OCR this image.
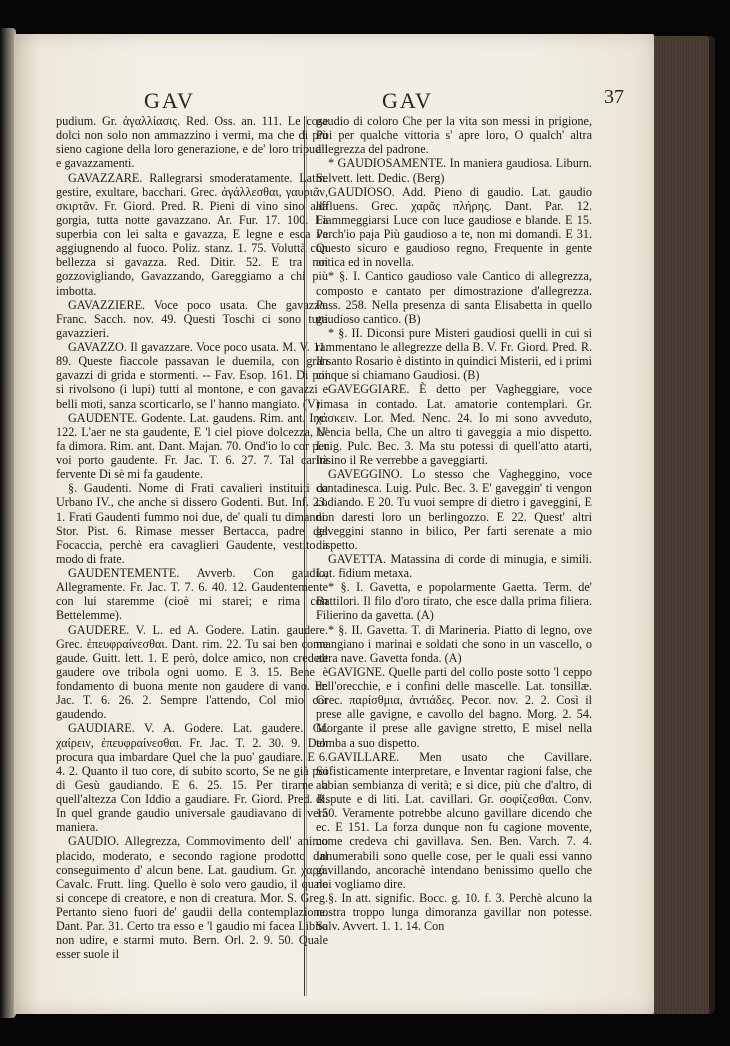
GAV	GAV	37

pudium. Gr. ἀγαλλίασις. Red. Oss. an. 111. Le cose dolci non solo non ammazzino i vermi, ma che di più sieno cagione della loro generazione, e de' loro tripudii e gavazzamenti.

GAVAZZARE. Rallegrarsi smoderatamente. Latin. gestire, exultare, bacchari. Grec. ἀγάλλεσθαι, γαυριᾶν, σκιρτᾶν. Fr. Giord. Pred. R. Pieni di vino sino alla gorgia, tutta notte gavazzano. Ar. Fur. 17. 100. La superbia con lei salta e gavazza, E legne e esca va aggiugnendo al fuoco. Poliz. stanz. 1. 75. Voluttà con bellezza si gavazza. Red. Ditir. 52. E tra noi gozzovigliando, Gavazzando, Gareggiamo a chi più imbotta.

GAVAZZIERE. Voce poco usata. Che gavazza. Franc. Sacch. nov. 49. Questi Toschi ci sono tutti gavazzieri.

GAVAZZO. Il gavazzare. Voce poco usata. M. V. 11. 89. Queste fiaccole passavan le duemila, con gran gavazzi di grida e stormenti. -- Fav. Esop. 161. Di poi si rivolsono (i lupi) tutti al montone, e con gavazzi e belli moti, sanza scorticarlo, se l' hanno mangiato. (V)

GAUDENTE. Godente. Lat. gaudens. Rim. ant. Inc. 122. L'aer ne sta gaudente, E 'l ciel piove dolcezza, U' fa dimora. Rim. ant. Dant. Majan. 70. Ond'io lo cor per voi porto gaudente. Fr. Jac. T. 6. 27. 7. Tal carità fervente Di sè mi fa gaudente.

§. Gaudenti. Nome di Frati cavalieri instituiti da Urbano IV., che anche si dissero Godenti. But. Inf. 23. 1. Frati Gaudenti fummo noi due, de' quali tu dimandi. Stor. Pist. 6. Rimase messer Bertacca, padre del Focaccia, perchè era cavaglieri Gaudente, vestito a modo di frate.

GAUDENTEMENTE. Avverb. Con gaudio, Allegramente. Fr. Jac. T. 7. 6. 40. 12. Gaudentemente con lui staremme (cioè mi starei; e rima con Bettelemme).

GAUDERE. V. L. ed A. Godere. Latin. gaudere. Grec. ἐπευφραίνεσθαι. Dant. rim. 22. Tu sai ben come gaude. Guitt. lett. 1. E però, dolce amico, non credete gaudere ove tribola ogni uomo. E 3. 15. Bene è fondamento di buona mente non gaudere di vano. Fr. Jac. T. 6. 26. 2. Sempre l'attendo, Col mio cor gaudendo.

GAUDIARE. V. A. Godere. Lat. gaudere. Gr. χαίρειν, ἐπευφραίνεσθαι. Fr. Jac. T. 2. 30. 9. Deh procura qua imbardare Quel che la puo' gaudiare. E 6. 4. 2. Quanto il tuo core, di subito scorto, Se ne già poi di Gesù gaudiando. E 6. 25. 15. Per tirarne a quell'altezza Con Iddio a gaudiare. Fr. Giord. Pred. R. In quel grande gaudio universale gaudiavano di vera maniera.

GAUDIO. Allegrezza, Commovimento dell' animo placido, moderato, e secondo ragione prodotto dal conseguimento d' alcun bene. Lat. gaudium. Gr. χαρά. Cavalc. Frutt. ling. Quello è solo vero gaudio, il quale si concepe di creatore, e non di creatura. Mor. S. Greg. Pertanto sieno fuori de' gaudii della contemplazione. Dant. Par. 31. Certo tra esso e 'l gaudio mi facea Libito non udire, e starmi muto. Bern. Orl. 2. 9. 50. Quale esser suole il

gaudio di coloro Che per la vita son messi in prigione, Poi per qualche vittoria s' apre loro, O qualch' altra allegrezza del padrone.

* GAUDIOSAMENTE. In maniera gaudiosa. Liburn. Selvett. lett. Dedic. (Berg)

GAUDIOSO. Add. Pieno di gaudio. Lat. gaudio affluens. Grec. χαρᾶς πλήρης. Dant. Par. 12. Fiammeggiarsi Luce con luce gaudiose e blande. E 15. Perch'io paja Più gaudioso a te, non mi domandi. E 31. Questo sicuro e gaudioso regno, Frequente in gente antica ed in novella.

* §. I. Cantico gaudioso vale Cantico di allegrezza, composto e cantato per dimostrazione d'allegrezza. Pass. 258. Nella presenza di santa Elisabetta in quello gaudioso cantico. (B)

* §. II. Diconsi pure Misteri gaudiosi quelli in cui si rammentano le allegrezze della B. V. Fr. Giord. Pred. R. Il santo Rosario è distinto in quindici Misterii, ed i primi cinque si chiamano Gaudiosi. (B)

GAVEGGIARE. È detto per Vagheggiare, voce rimasa in contado. Lat. amatorie contemplari. Gr. χάσκειν. Lor. Med. Nenc. 24. Io mi sono avveduto, Nencia bella, Che un altro ti gaveggia a mio dispetto. Luig. Pulc. Bec. 3. Ma stu potessi di quell'atto atarti, Insino il Re verrebbe a gaveggiarti.

GAVEGGINO. Lo stesso che Vagheggino, voce contadinesca. Luig. Pulc. Bec. 3. E' gaveggin' ti vengon codiando. E 20. Tu vuoi sempre di dietro i gaveggini, E non daresti loro un berlingozzo. E 22. Quest' altri gaveggini stanno in bilico, Per farti serenate a mio dispetto.

GAVETTA. Matassina di corde di minugia, e simili. Lat. fidium metaxa.

* §. I. Gavetta, e popolarmente Gaetta. Term. de' Battilori. Il filo d'oro tirato, che esce dalla prima filiera. Filierino da gavetta. (A)

* §. II. Gavetta. T. di Marineria. Piatto di legno, ove mangiano i marinai e soldati che sono in un vascello, o altra nave. Gavetta fonda. (A)

GAVIGNE. Quelle parti del collo poste sotto 'l ceppo dell'orecchie, e i confini delle mascelle. Lat. tonsillæ. Grec. παρίσθμια, ἀντιάδες. Pecor. nov. 2. 2. Così il prese alle gavigne, e cavollo del bagno. Morg. 2. 54. Morgante il prese alle gavigne stretto, E misel nella tomba a suo dispetto.

GAVILLARE. Men usato che Cavillare. Sofisticamente interpretare, e Inventar ragioni false, che abbian sembianza di verità; e si dice, più che d'altro, di dispute e di liti. Lat. cavillari. Gr. σοφίζεσθαι. Conv. 150. Veramente potrebbe alcuno gavillare dicendo che ec. E 151. La forza dunque non fu cagione movente, come credeva chi gavillava. Sen. Ben. Varch. 7. 4. Innumerabili sono quelle cose, per le quali essi vanno gavillando, ancorachè intendano benissimo quello che noi vogliamo dire.

§. In att. signific. Bocc. g. 10. f. 3. Perchè alcuno la nostra troppo lunga dimoranza gavillar non potesse. Salv. Avvert. 1. 1. 14. Con
